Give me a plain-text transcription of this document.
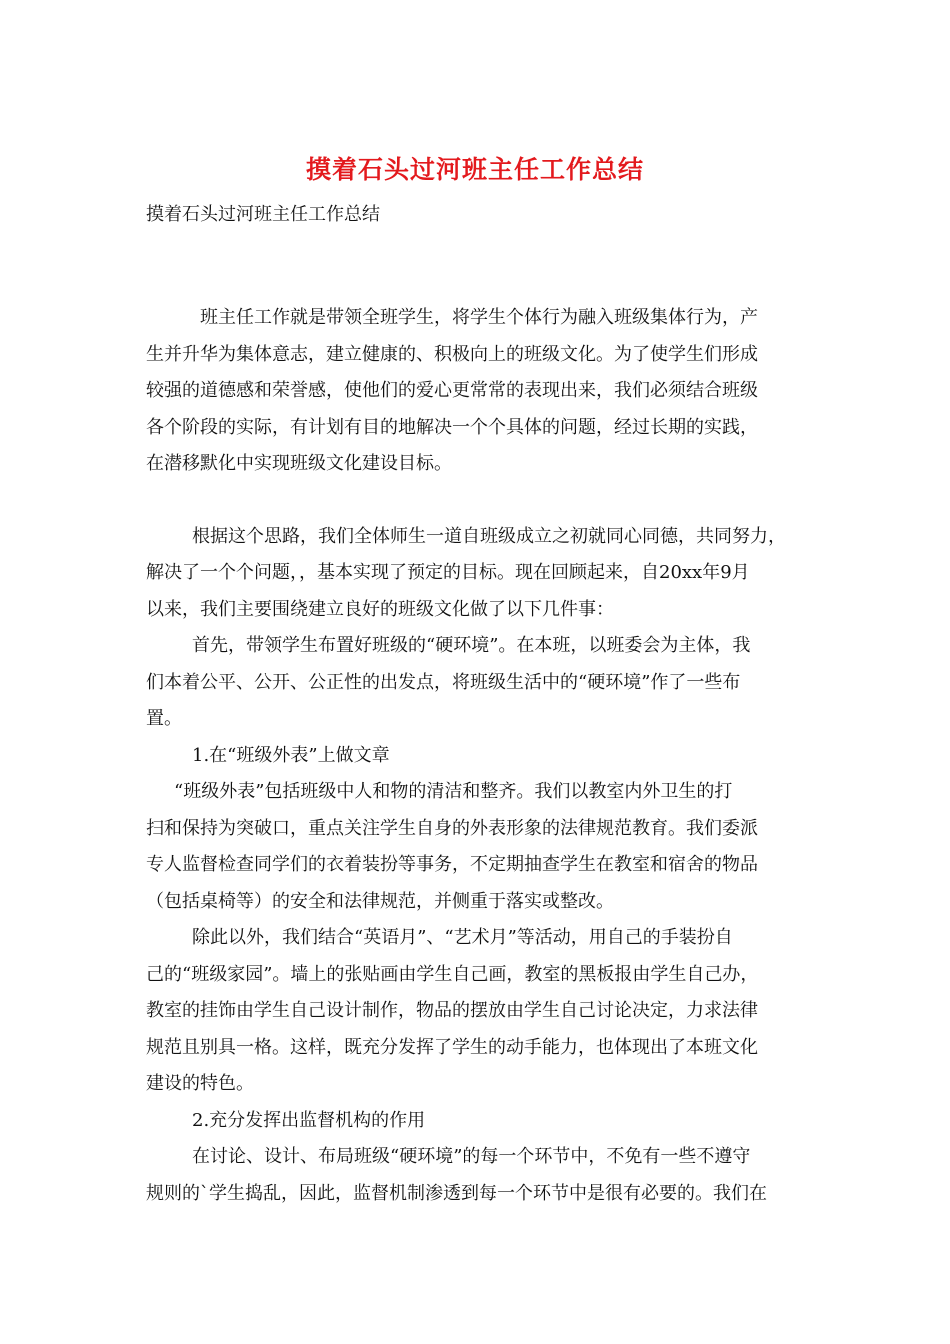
摸着石头过河班主任工作总结

摸着石头过河班主任工作总结

班主任工作就是带领全班学生，将学生个体行为融入班级集体行为，产
生并升华为集体意志，建立健康的、积极向上的班级文化。为了使学生们形成
较强的道德感和荣誉感，使他们的爱心更常常的表现出来，我们必须结合班级
各个阶段的实际，有计划有目的地解决一个个具体的问题，经过长期的实践，
在潜移默化中实现班级文化建设目标。
根据这个思路，我们全体师生一道自班级成立之初就同心同德，共同努力，
解决了一个个问题，，基本实现了预定的目标。现在回顾起来，自20xx年9月
以来，我们主要围绕建立良好的班级文化做了以下几件事：
首先，带领学生布置好班级的“硬环境”。在本班，以班委会为主体，我
们本着公平、公开、公正性的出发点，将班级生活中的“硬环境”作了一些布
置。
1.在“班级外表”上做文章
“班级外表”包括班级中人和物的清洁和整齐。我们以教室内外卫生的打
扫和保持为突破口，重点关注学生自身的外表形象的法律规范教育。我们委派
专人监督检查同学们的衣着装扮等事务，不定期抽查学生在教室和宿舍的物品
（包括桌椅等）的安全和法律规范，并侧重于落实或整改。
除此以外，我们结合“英语月”、“艺术月”等活动，用自己的手装扮自
己的“班级家园”。墙上的张贴画由学生自己画，教室的黑板报由学生自己办，
教室的挂饰由学生自己设计制作，物品的摆放由学生自己讨论决定，力求法律
规范且别具一格。这样，既充分发挥了学生的动手能力，也体现出了本班文化
建设的特色。
2.充分发挥出监督机构的作用
在讨论、设计、布局班级“硬环境”的每一个环节中，不免有一些不遵守
规则的`学生捣乱，因此，监督机制渗透到每一个环节中是很有必要的。我们在
